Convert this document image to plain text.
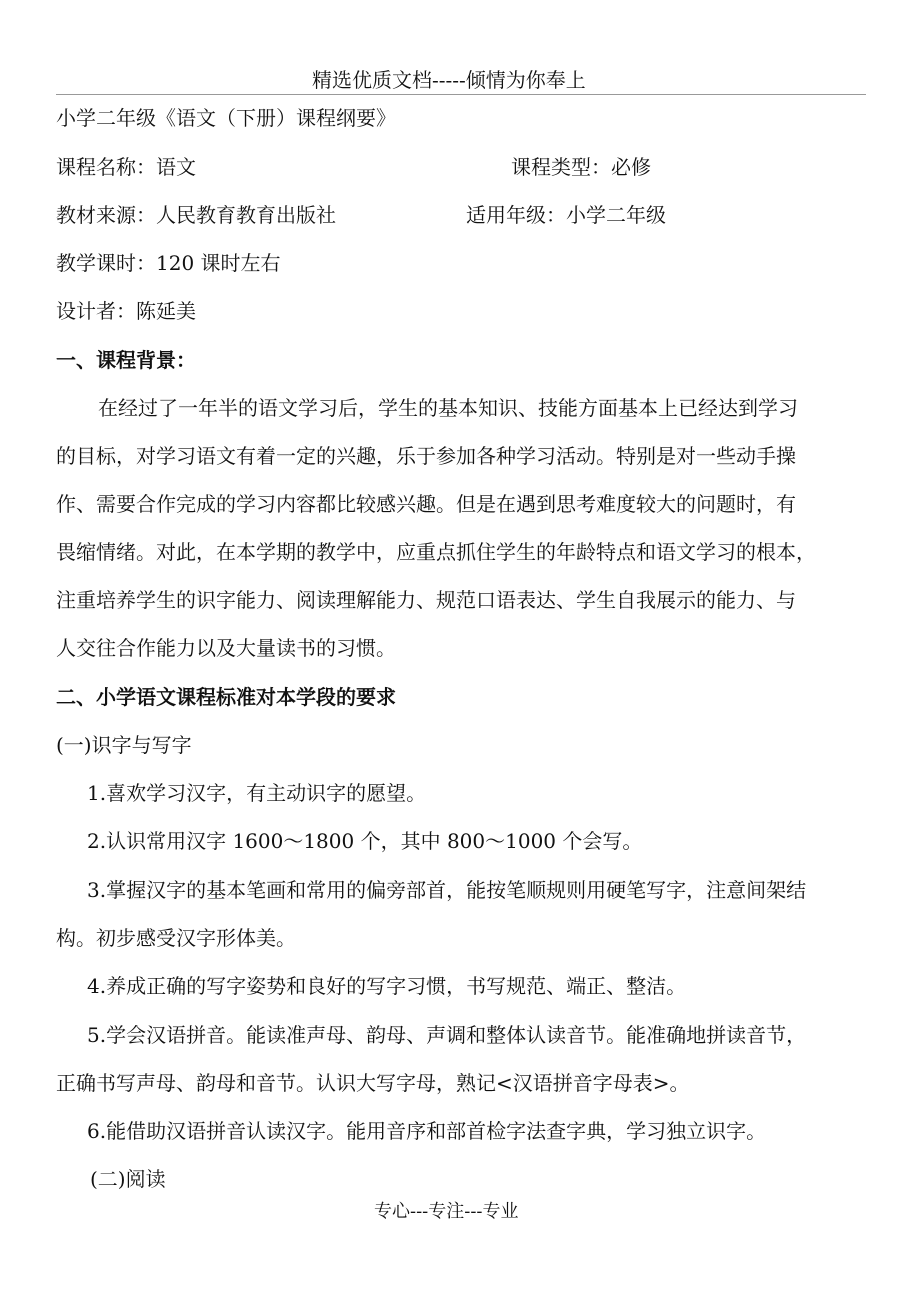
精选优质文档-----倾情为你奉上
小学二年级《语文（下册）课程纲要》
课程名称：语文	课程类型：必修
教材来源：人民教育教育出版社	适用年级：小学二年级
教学课时：120 课时左右
设计者：陈延美
一、课程背景：
在经过了一年半的语文学习后，学生的基本知识、技能方面基本上已经达到学习
的目标，对学习语文有着一定的兴趣，乐于参加各种学习活动。特别是对一些动手操
作、需要合作完成的学习内容都比较感兴趣。但是在遇到思考难度较大的问题时，有
畏缩情绪。对此，在本学期的教学中，应重点抓住学生的年龄特点和语文学习的根本，
注重培养学生的识字能力、阅读理解能力、规范口语表达、学生自我展示的能力、与
人交往合作能力以及大量读书的习惯。
二、小学语文课程标准对本学段的要求
(一)识字与写字
1.喜欢学习汉字，有主动识字的愿望。
2.认识常用汉字 1600～1800 个，其中 800～1000 个会写。
3.掌握汉字的基本笔画和常用的偏旁部首，能按笔顺规则用硬笔写字，注意间架结
构。初步感受汉字形体美。
4.养成正确的写字姿势和良好的写字习惯，书写规范、端正、整洁。
5.学会汉语拼音。能读准声母、韵母、声调和整体认读音节。能准确地拼读音节，
正确书写声母、韵母和音节。认识大写字母，熟记<汉语拼音字母表>。
6.能借助汉语拼音认读汉字。能用音序和部首检字法查字典，学习独立识字。
(二)阅读
专心---专注---专业
